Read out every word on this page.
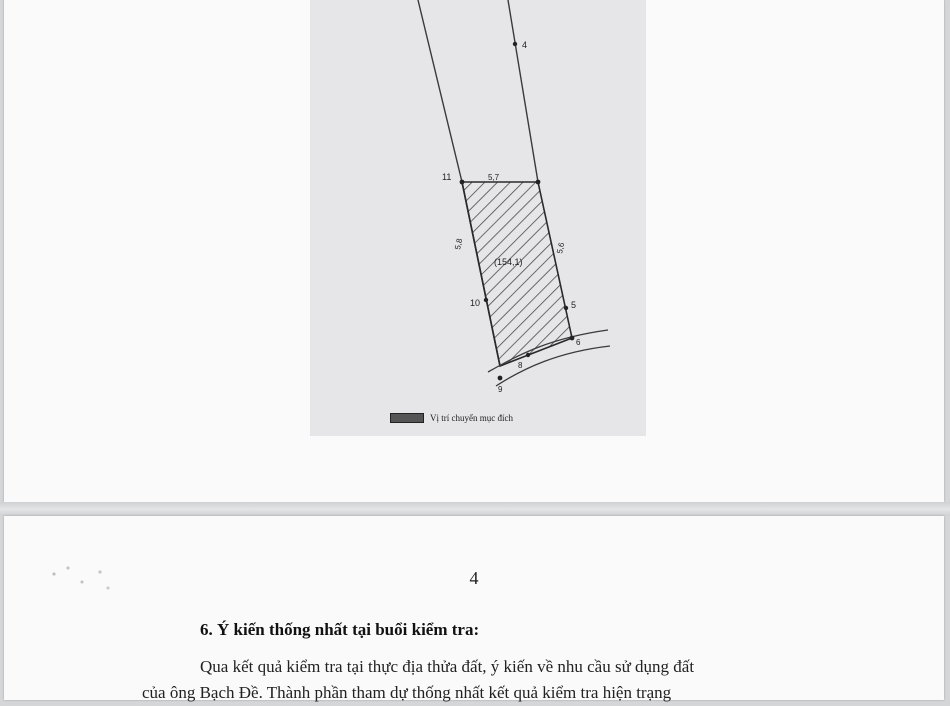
4
11	5,7
5,8	5,6
(154,1)
10	5
6
8
9
Vị trí chuyển mục đích
4
6. Ý kiến thống nhất tại buổi kiểm tra:
Qua kết quả kiểm tra tại thực địa thửa đất, ý kiến về nhu cầu sử dụng đất
của ông Bạch Đề. Thành phần tham dự thống nhất kết quả kiểm tra hiện trạng
